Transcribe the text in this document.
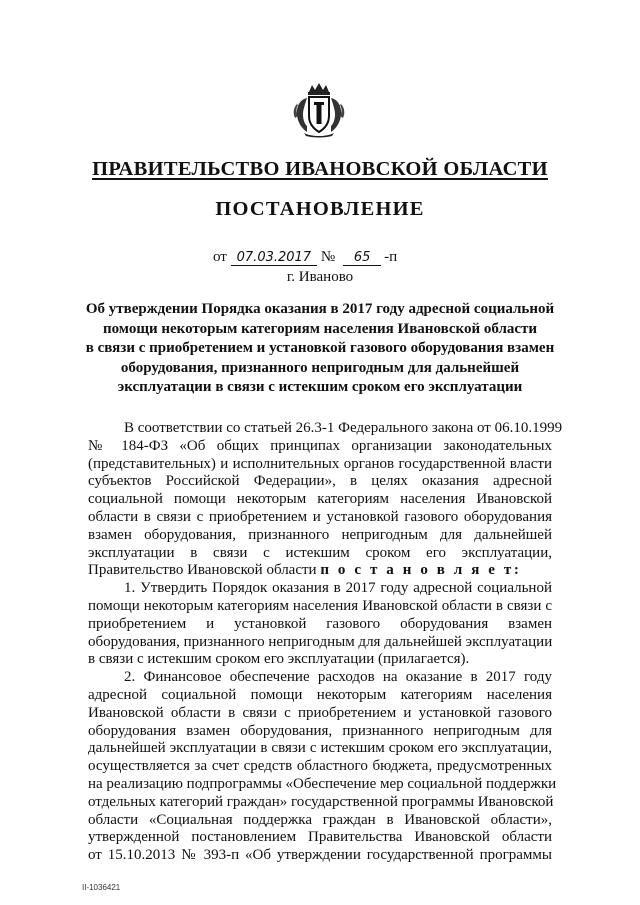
ПРАВИТЕЛЬСТВО ИВАНОВСКОЙ ОБЛАСТИ
ПОСТАНОВЛЕНИЕ
от 07.03.2017 № 65 -п
г. Иваново
Об утверждении Порядка оказания в 2017 году адресной социальной
помощи некоторым категориям населения Ивановской области
в связи с приобретением и установкой газового оборудования взамен
оборудования, признанного непригодным для дальнейшей
эксплуатации в связи с истекшим сроком его эксплуатации
В соответствии со статьей 26.3-1 Федерального закона от 06.10.1999
№ 184-ФЗ «Об общих принципах организации законодательных
(представительных) и исполнительных органов государственной власти
субъектов Российской Федерации», в целях оказания адресной
социальной помощи некоторым категориям населения Ивановской
области в связи с приобретением и установкой газового оборудования
взамен оборудования, признанного непригодным для дальнейшей
эксплуатации в связи с истекшим сроком его эксплуатации,
Правительство Ивановской области п о с т а н о в л я е т:
1. Утвердить Порядок оказания в 2017 году адресной социальной
помощи некоторым категориям населения Ивановской области в связи с
приобретением и установкой газового оборудования взамен
оборудования, признанного непригодным для дальнейшей эксплуатации
в связи с истекшим сроком его эксплуатации (прилагается).
2. Финансовое обеспечение расходов на оказание в 2017 году
адресной социальной помощи некоторым категориям населения
Ивановской области в связи с приобретением и установкой газового
оборудования взамен оборудования, признанного непригодным для
дальнейшей эксплуатации в связи с истекшим сроком его эксплуатации,
осуществляется за счет средств областного бюджета, предусмотренных
на реализацию подпрограммы «Обеспечение мер социальной поддержки
отдельных категорий граждан» государственной программы Ивановской
области «Социальная поддержка граждан в Ивановской области»,
утвержденной постановлением Правительства Ивановской области
от 15.10.2013 № 393-п «Об утверждении государственной программы
II-1036421
